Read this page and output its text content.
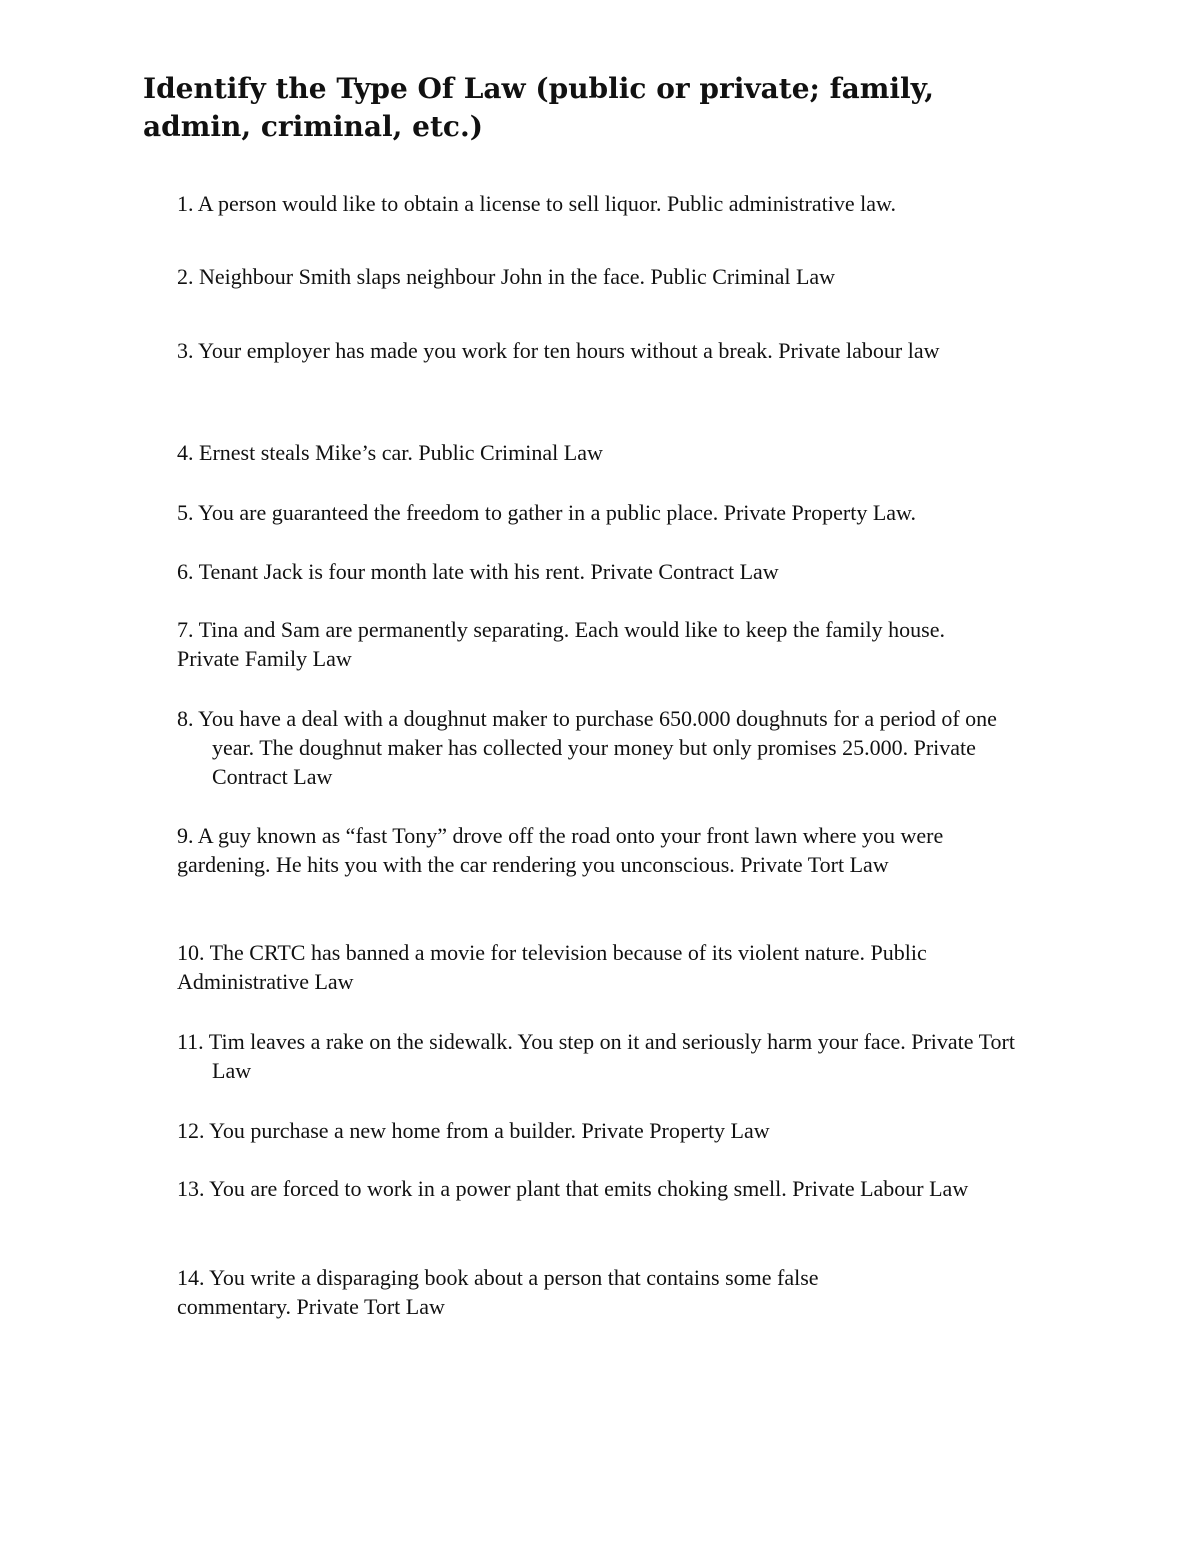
Identify the Type Of Law (public or private; family, admin, criminal, etc.)

1. A person would like to obtain a license to sell liquor. Public administrative law.

2. Neighbour Smith slaps neighbour John in the face. Public Criminal Law

3. Your employer has made you work for ten hours without a break. Private labour law

4. Ernest steals Mike’s car. Public Criminal Law

5. You are guaranteed the freedom to gather in a public place. Private Property Law.

6. Tenant Jack is four month late with his rent. Private Contract Law

7. Tina and Sam are permanently separating. Each would like to keep the family house. Private Family Law

8. You have a deal with a doughnut maker to purchase 650.000 doughnuts for a period of one year. The doughnut maker has collected your money but only promises 25.000. Private Contract Law

9. A guy known as “fast Tony” drove off the road onto your front lawn where you were gardening. He hits you with the car rendering you unconscious. Private Tort Law

10. The CRTC has banned a movie for television because of its violent nature. Public Administrative Law

11. Tim leaves a rake on the sidewalk. You step on it and seriously harm your face. Private Tort Law

12. You purchase a new home from a builder. Private Property Law

13. You are forced to work in a power plant that emits choking smell. Private Labour Law

14. You write a disparaging book about a person that contains some false commentary. Private Tort Law
